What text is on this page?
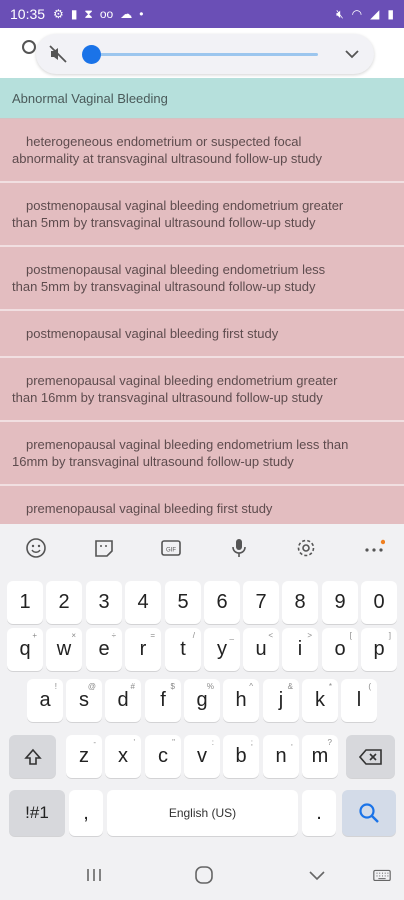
10:35 ⚙ ▮ ⧗ oo ☁ •	🔇︎ ◠ ◢ ▮
Abnormal Vaginal Bleeding
heterogeneous endometrium or suspected focal
abnormality at transvaginal ultrasound follow-up study
postmenopausal vaginal bleeding endometrium greater
than 5mm by transvaginal ultrasound follow-up study
postmenopausal vaginal bleeding endometrium less
than 5mm by transvaginal ultrasound follow-up study
postmenopausal vaginal bleeding first study
premenopausal vaginal bleeding endometrium greater
than 16mm by transvaginal ultrasound follow-up study
premenopausal vaginal bleeding endometrium less than
16mm by transvaginal ultrasound follow-up study
premenopausal vaginal bleeding first study
GIF
1	2	3	4	5	6	7	8	9	0
q
+
w
×
e
÷
r
=
t
/
y
_
u
<
i
>
o
[
p
]
a
!
s
@
d
#
f
$
g
%
h
^
j
&
k
*
l
(
z
-
x
'
c
"
v
:
b
;
n
,
m
?
!#1	,	English (US)	.
